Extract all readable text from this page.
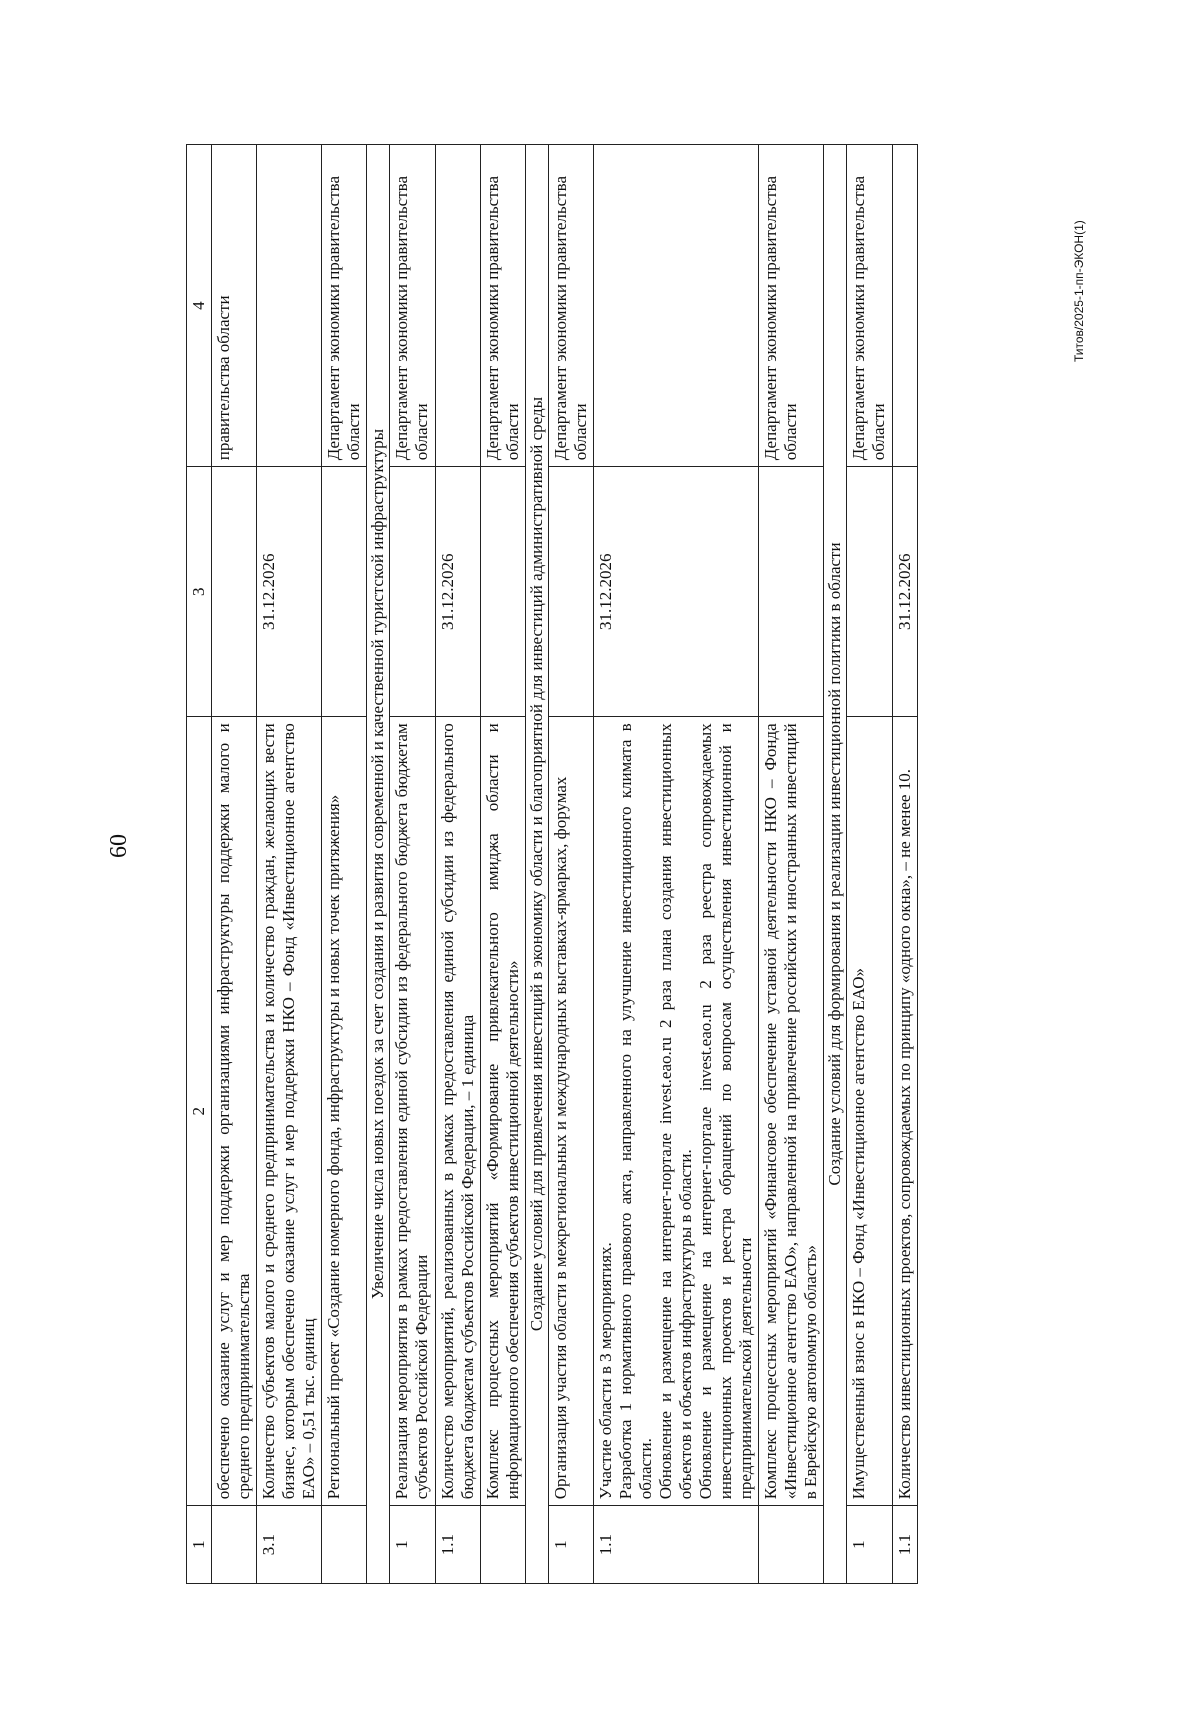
60
1	2	3	4
	обеспечено оказание услуг и мер поддержки организациями инфраструктуры поддержки малого и среднего предпринимательства		правительства области
3.1	Количество субъектов малого и среднего предпринимательства и количество граждан, желающих вести бизнес, которым обеспечено оказание услуг и мер поддержки НКО – Фонд «Инвестиционное агентство ЕАО» – 0,51 тыс. единиц	31.12.2026	
	Региональный проект «Создание номерного фонда, инфраструктуры и новых точек притяжения»		Департамент экономики правительства области
Увеличение числа новых поездок за счет создания и развития современной и качественной туристской инфраструктуры			
1	Реализация мероприятия в рамках предоставления единой субсидии из федерального бюджета бюджетам субъектов Российской Федерации		Департамент экономики правительства области
1.1	Количество мероприятий, реализованных в рамках предоставления единой субсидии из федерального бюджета бюджетам субъектов Российской Федерации, – 1 единица	31.12.2026	
	Комплекс процессных мероприятий «Формирование привлекательного имиджа области и информационного обеспечения субъектов инвестиционной деятельности»		Департамент экономики правительства области
Создание условий для привлечения инвестиций в экономику области и благоприятной для инвестиций административной среды			
1	Организация участия области в межрегиональных и международных выставках-ярмарках, форумах		Департамент экономики правительства области
1.1	Участие области в 3 мероприятиях. Разработка 1 нормативного правового акта, направленного на улучшение инвестиционного климата в области. Обновление и размещение на интернет-портале invest.eao.ru 2 раза плана создания инвестиционных объектов и объектов инфраструктуры в области. Обновление и размещение на интернет-портале invest.eao.ru 2 раза реестра сопровождаемых инвестиционных проектов и реестра обращений по вопросам осуществления инвестиционной и предпринимательской деятельности	31.12.2026	
	Комплекс процессных мероприятий «Финансовое обеспечение уставной деятельности НКО – Фонда «Инвестиционное агентство ЕАО», направленной на привлечение российских и иностранных инвестиций в Еврейскую автономную область»		Департамент экономики правительства области
Создание условий для формирования и реализации инвестиционной политики в области			
1	Имущественный взнос в НКО – Фонд «Инвестиционное агентство ЕАО»		Департамент экономики правительства области
1.1	Количество инвестиционных проектов, сопровождаемых по принципу «одного окна», – не менее 10.	31.12.2026	
Титов/2025-1-пп-ЭКОН(1)
